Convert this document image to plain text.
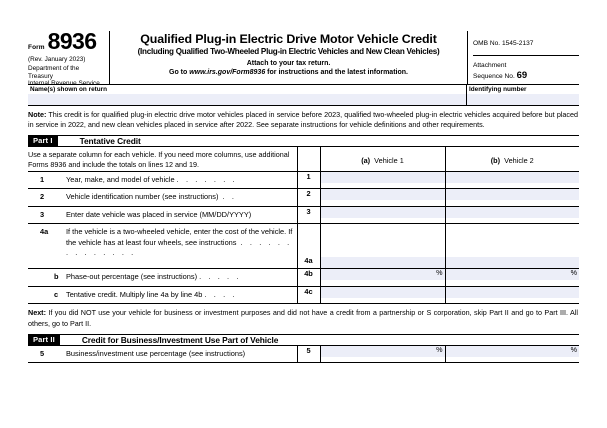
Form 8936
(Rev. January 2023)
Department of the Treasury
Internal Revenue Service
Qualified Plug-in Electric Drive Motor Vehicle Credit
(Including Qualified Two-Wheeled Plug-in Electric Vehicles and New Clean Vehicles)
Attach to your tax return.
Go to www.irs.gov/Form8936 for instructions and the latest information.
OMB No. 1545-2137
Attachment
Sequence No. 69
Name(s) shown on return	Identifying number
Note: This credit is for qualified plug-in electric drive motor vehicles placed in service before 2023, qualified two-wheeled plug-in electric vehicles acquired before but placed in service in 2022, and new clean vehicles placed in service after 2022. See separate instructions for vehicle definitions and other requirements.
Part I	Tentative Credit
Use a separate column for each vehicle. If you need more columns, use additional Forms 8936 and include the totals on lines 12 and 19.		(a) Vehicle 1	(b) Vehicle 2

1 Year, make, and model of vehicle . . . . . . .	1		

2 Vehicle identification number (see instructions) . .	2		

3 Enter date vehicle was placed in service (MM/DD/YYYY)	3		

4a If the vehicle is a two-wheeled vehicle, enter the cost of the vehicle. If the vehicle has at least four wheels, see instructions . . . . . . . . . . . . . .	4a		

b Phase-out percentage (see instructions) . . . . .	4b	%	%

c Tentative credit. Multiply line 4a by line 4b . . . .	4c		

Next: If you did NOT use your vehicle for business or investment purposes and did not have a credit from a partnership or S corporation, skip Part II and go to Part III. All others, go to Part II.
Part II	Credit for Business/Investment Use Part of Vehicle
5	Business/investment use percentage (see instructions)	5	%	%
